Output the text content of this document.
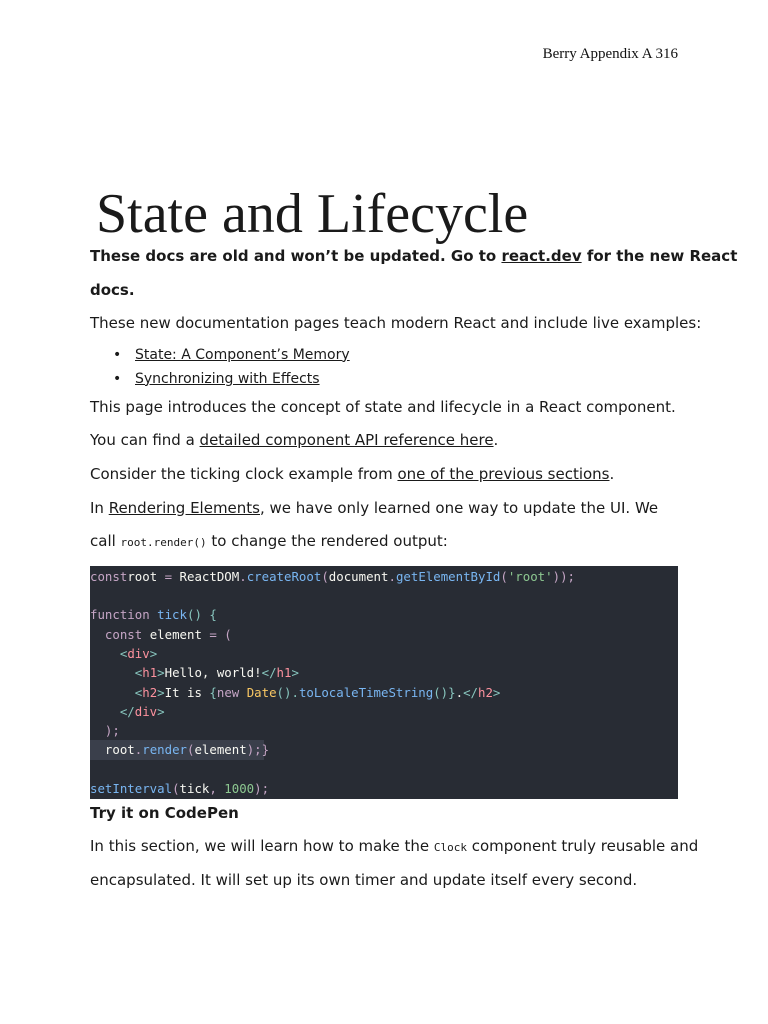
Berry Appendix A 316
State and Lifecycle

These docs are old and won’t be updated. Go to react.dev for the new React

docs.

These new documentation pages teach modern React and include live examples:

• State: A Component’s Memory
• Synchronizing with Effects

This page introduces the concept of state and lifecycle in a React component.

You can find a detailed component API reference here.

Consider the ticking clock example from one of the previous sections.

In Rendering Elements, we have only learned one way to update the UI. We

call root.render() to change the rendered output:

constroot = ReactDOM.createRoot(document.getElementById('root'));

function tick() {
const element = (
<div>
<h1>Hello, world!</h1>
<h2>It is {new Date().toLocaleTimeString()}.</h2>
</div>
);
root.render(element);}

setInterval(tick, 1000);

Try it on CodePen

In this section, we will learn how to make the Clock component truly reusable and

encapsulated. It will set up its own timer and update itself every second.
